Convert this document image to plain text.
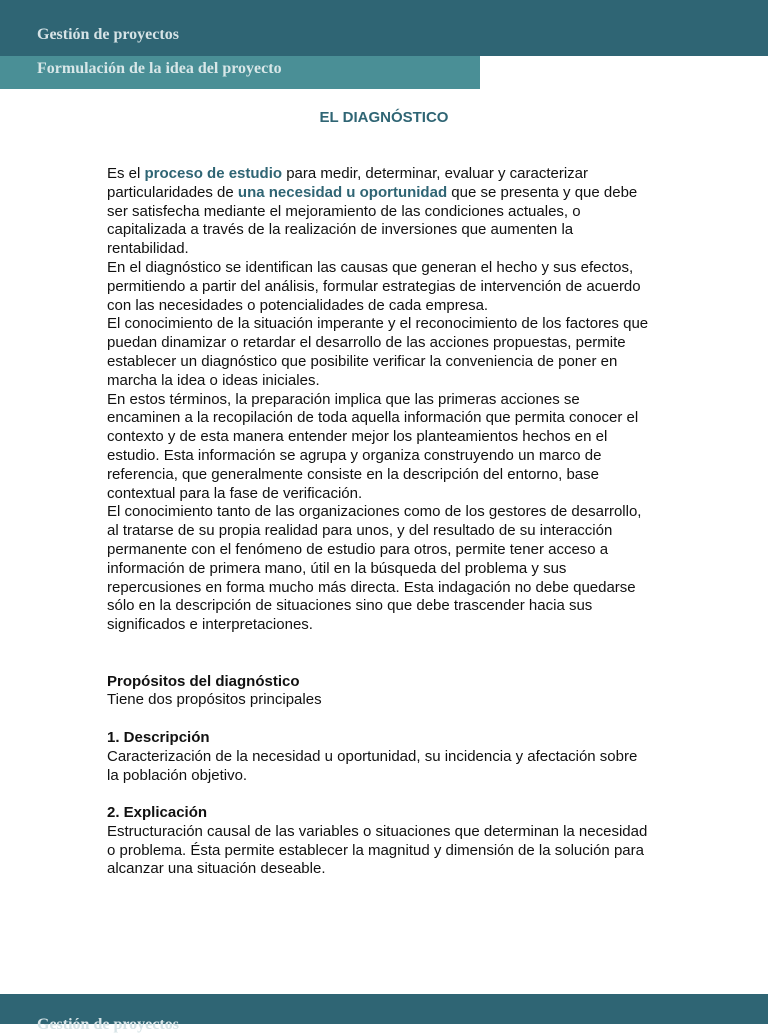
Gestión de proyectos
Formulación de la idea del proyecto
EL DIAGNÓSTICO

Es el proceso de estudio para medir, determinar, evaluar y caracterizar particularidades de una necesidad u oportunidad que se presenta y que debe ser satisfecha mediante el mejoramiento de las condiciones actuales, o capitalizada a través de la realización de inversiones que aumenten la rentabilidad.

En el diagnóstico se identifican las causas que generan el hecho y sus efectos, permitiendo a partir del análisis, formular estrategias de intervención de acuerdo con las necesidades o potencialidades de cada empresa.

El conocimiento de la situación imperante y el reconocimiento de los factores que puedan dinamizar o retardar el desarrollo de las acciones propuestas, permite establecer un diagnóstico que posibilite verificar la conveniencia de poner en marcha la idea o ideas iniciales.

En estos términos, la preparación implica que las primeras acciones se encaminen a la recopilación de toda aquella información que permita conocer el contexto y de esta manera entender mejor los planteamientos hechos en el estudio. Esta información se agrupa y organiza construyendo un marco de referencia, que generalmente consiste en la descripción del entorno, base contextual para la fase de verificación.

El conocimiento tanto de las organizaciones como de los gestores de desarrollo, al tratarse de su propia realidad para unos, y del resultado de su interacción permanente con el fenómeno de estudio para otros, permite tener acceso a información de primera mano, útil en la búsqueda del problema y sus repercusiones en forma mucho más directa. Esta indagación no debe quedarse sólo en la descripción de situaciones sino que debe trascender hacia sus significados e interpretaciones.

Propósitos del diagnóstico

Tiene dos propósitos principales

1. Descripción

Caracterización de la necesidad u oportunidad, su incidencia y afectación sobre la población objetivo.

2. Explicación

Estructuración causal de las variables o situaciones que determinan la necesidad o problema. Ésta permite establecer la magnitud y dimensión de la solución para alcanzar una situación deseable.

Gestión de proyectos
